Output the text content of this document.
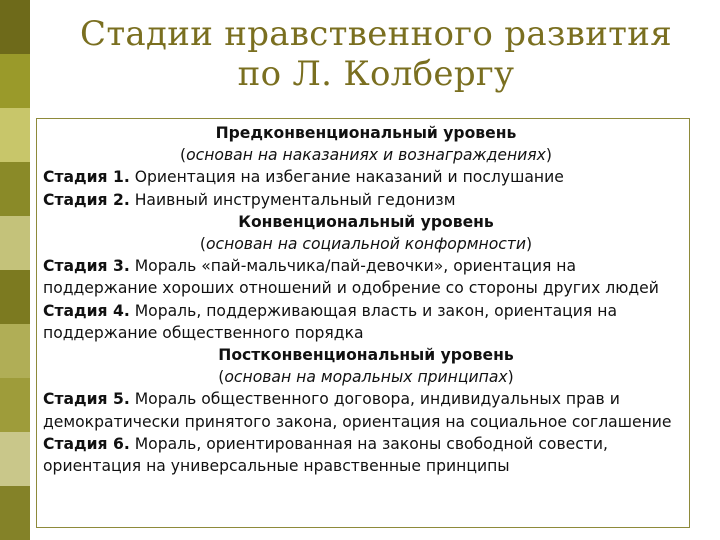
Стадии нравственного развития
по Л. Колбергу
Предконвенциональный уровень
(основан на наказаниях и вознаграждениях)
Стадия 1. Ориентация на избегание наказаний и послушание
Стадия 2. Наивный инструментальный гедонизм
Конвенциональный уровень
(основан на социальной конформности)
Стадия 3. Мораль «пай-мальчика/пай-девочки», ориентация на поддержание хороших отношений и одобрение со стороны других людей
Стадия 4. Мораль, поддерживающая власть и закон, ориентация на поддержание общественного порядка
Постконвенциональный уровень
(основан на моральных принципах)
Стадия 5. Мораль общественного договора, индивидуальных прав и демократически принятого закона, ориентация на социальное соглашение
Стадия 6. Мораль, ориентированная на законы свободной совести, ориентация на универсальные нравственные принципы
